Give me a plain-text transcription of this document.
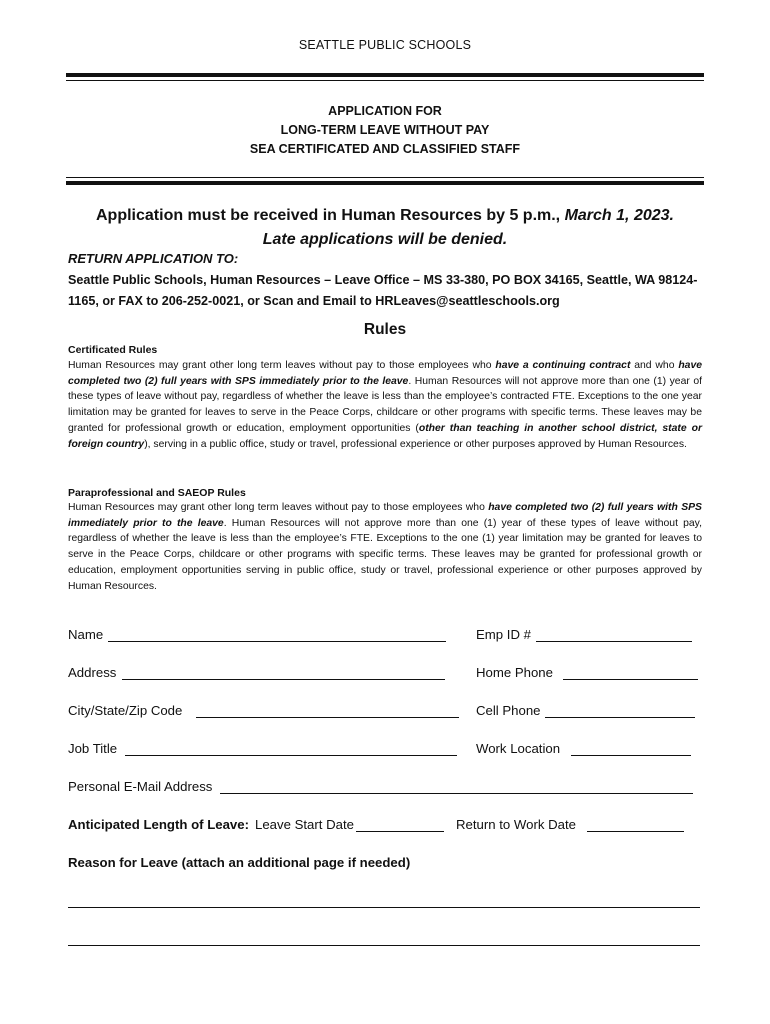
SEATTLE PUBLIC SCHOOLS
APPLICATION FOR
LONG-TERM LEAVE WITHOUT PAY
SEA CERTIFICATED AND CLASSIFIED STAFF
Application must be received in Human Resources by 5 p.m., March 1, 2023.
Late applications will be denied.
RETURN APPLICATION TO:
Seattle Public Schools, Human Resources – Leave Office – MS 33-380, PO BOX 34165, Seattle, WA 98124-1165, or FAX to 206-252-0021, or Scan and Email to HRLeaves@seattleschools.org
Rules
Certificated Rules

Human Resources may grant other long term leaves without pay to those employees who have a continuing contract and who have completed two (2) full years with SPS immediately prior to the leave. Human Resources will not approve more than one (1) year of these types of leave without pay, regardless of whether the leave is less than the employee’s contracted FTE. Exceptions to the one year limitation may be granted for leaves to serve in the Peace Corps, childcare or other programs with specific terms. These leaves may be granted for professional growth or education, employment opportunities (other than teaching in another school district, state or foreign country), serving in a public office, study or travel, professional experience or other purposes approved by Human Resources.

Paraprofessional and SAEOP Rules

Human Resources may grant other long term leaves without pay to those employees who have completed two (2) full years with SPS immediately prior to the leave. Human Resources will not approve more than one (1) year of these types of leave without pay, regardless of whether the leave is less than the employee’s FTE. Exceptions to the one (1) year limitation may be granted for leaves to serve in the Peace Corps, childcare or other programs with specific terms. These leaves may be granted for professional growth or education, employment opportunities serving in public office, study or travel, professional experience or other purposes approved by Human Resources.

Name	Emp ID #
Address	Home Phone
City/State/Zip Code	Cell Phone
Job Title	Work Location
Personal E-Mail Address
Anticipated Length of Leave: Leave Start Date	Return to Work Date
Reason for Leave (attach an additional page if needed)
